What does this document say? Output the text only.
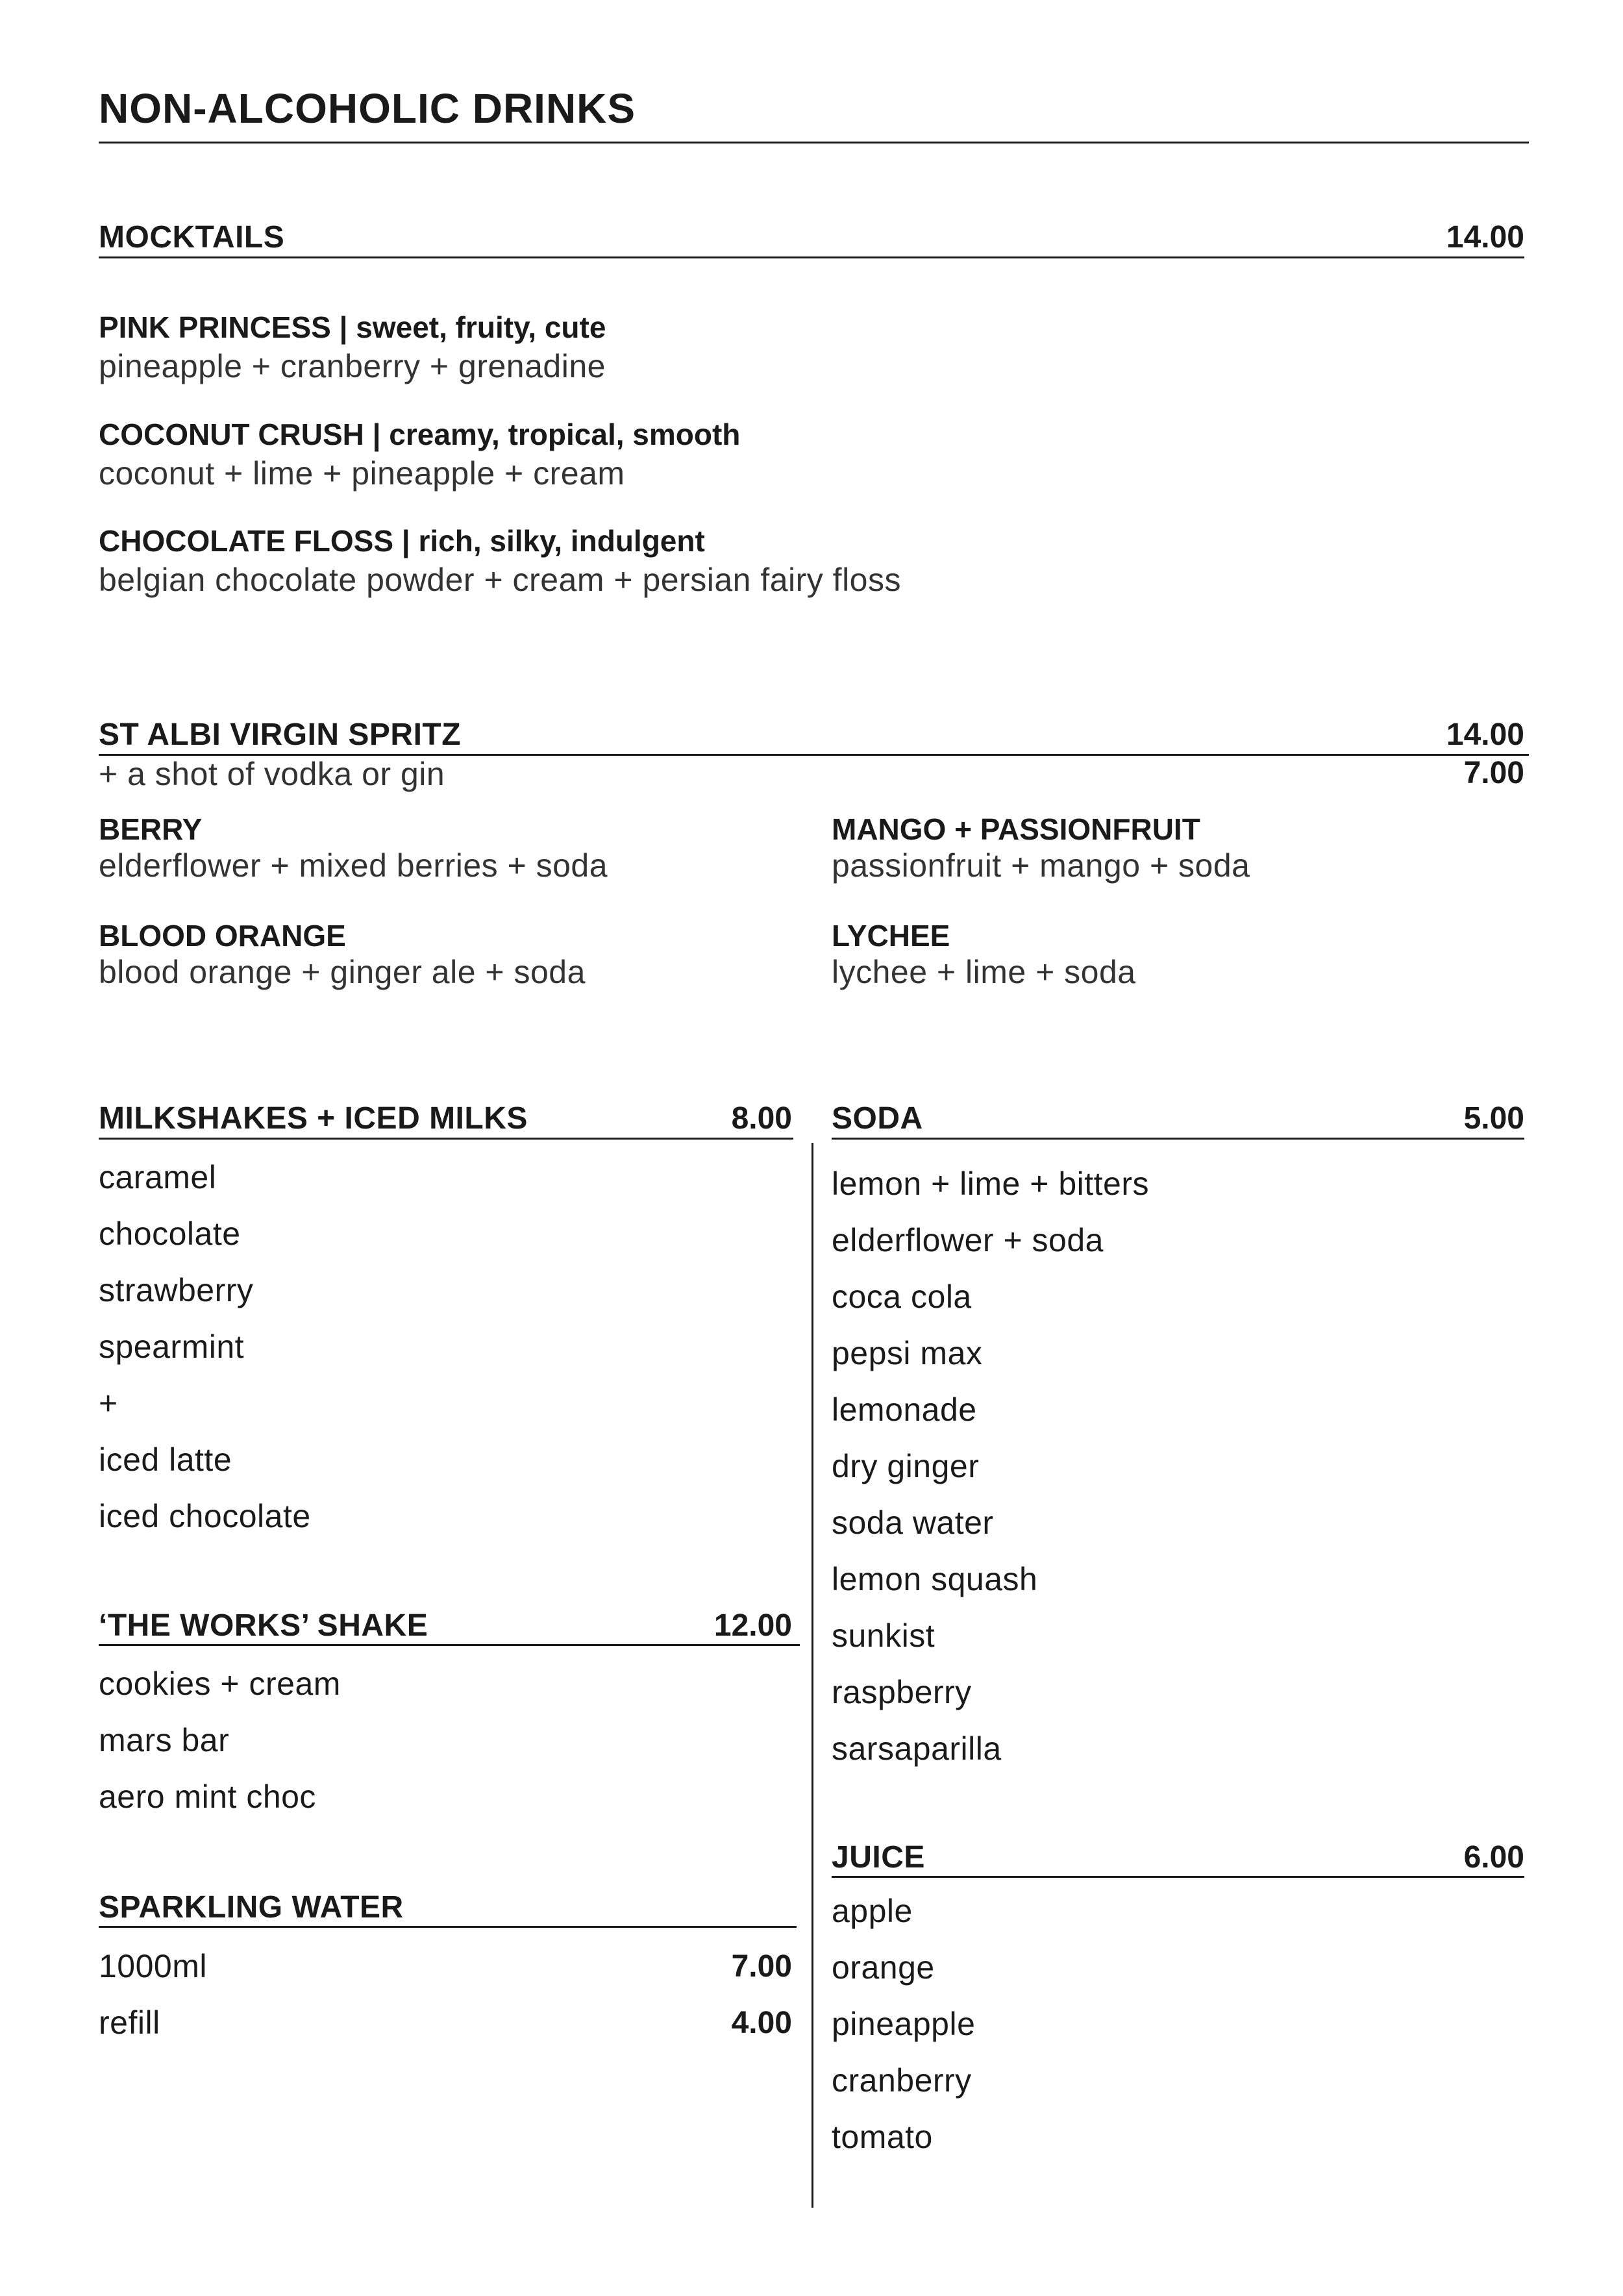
NON-ALCOHOLIC DRINKS
MOCKTAILS	14.00
PINK PRINCESS | sweet, fruity, cute
pineapple + cranberry + grenadine
COCONUT CRUSH | creamy, tropical, smooth
coconut + lime + pineapple + cream
CHOCOLATE FLOSS | rich, silky, indulgent
belgian chocolate powder + cream + persian fairy floss
ST ALBI VIRGIN SPRITZ	14.00
+ a shot of vodka or gin	7.00
BERRY
elderflower + mixed berries + soda
MANGO + PASSIONFRUIT
passionfruit + mango + soda
BLOOD ORANGE
blood orange + ginger ale + soda
LYCHEE
lychee + lime + soda
MILKSHAKES + ICED MILKS	8.00
caramel
chocolate
strawberry
spearmint
+
iced latte
iced chocolate
‘THE WORKS’ SHAKE	12.00
cookies + cream
mars bar
aero mint choc
SPARKLING WATER
1000ml	7.00
refill	4.00
SODA	5.00
lemon + lime + bitters
elderflower + soda
coca cola
pepsi max
lemonade
dry ginger
soda water
lemon squash
sunkist
raspberry
sarsaparilla
JUICE	6.00
apple
orange
pineapple
cranberry
tomato
